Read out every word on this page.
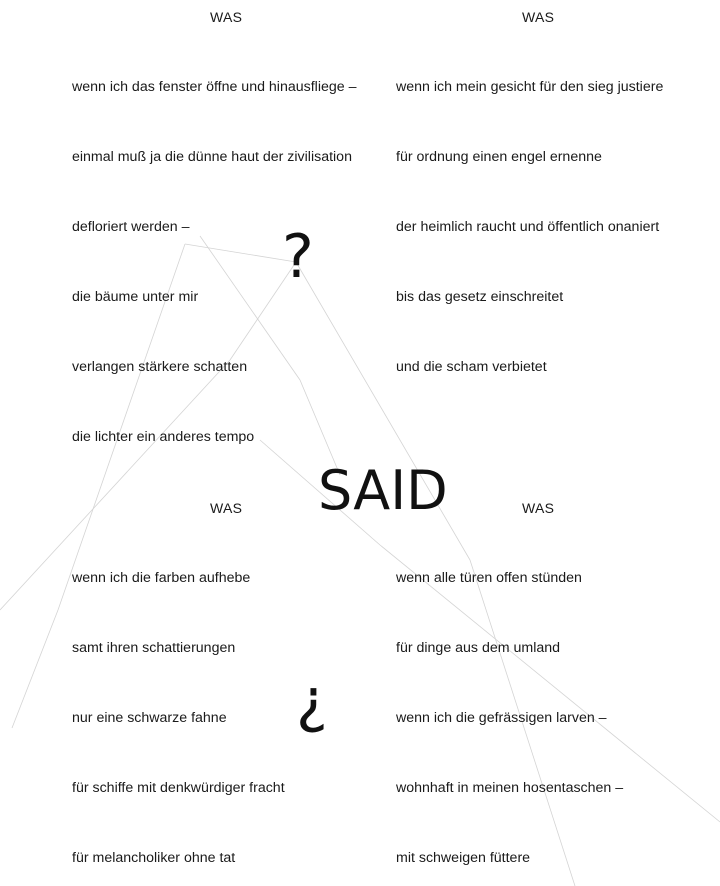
WAS	WAS
WAS	WAS
wenn ich das fenster öffne und hinausfliege –
einmal muß ja die dünne haut der zivilisation
defloriert werden –
die bäume unter mir
verlangen stärkere schatten
die lichter ein anderes tempo
wenn ich mein gesicht für den sieg justiere
für ordnung einen engel ernenne
der heimlich raucht und öffentlich onaniert
bis das gesetz einschreitet
und die scham verbietet
wenn ich die farben aufhebe
samt ihren schattierungen
nur eine schwarze fahne
für schiffe mit denkwürdiger fracht
für melancholiker ohne tat
wenn alle türen offen stünden
für dinge aus dem umland
wenn ich die gefrässigen larven –
wohnhaft in meinen hosentaschen –
mit schweigen füttere
?
SAID
¿
